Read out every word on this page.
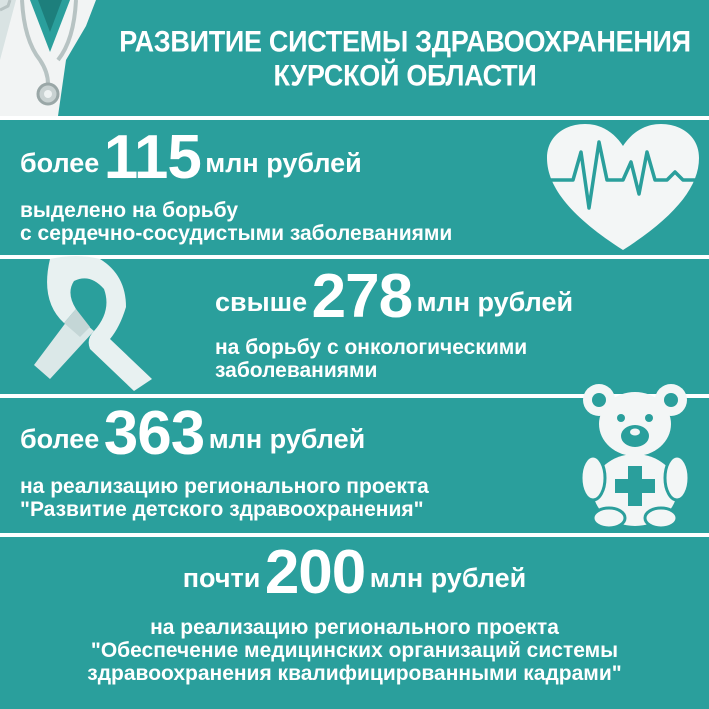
РАЗВИТИЕ СИСТЕМЫ ЗДРАВООХРАНЕНИЯ
КУРСКОЙ ОБЛАСТИ
более 115 млн рублей
выделено на борьбу
с сердечно-сосудистыми заболеваниями
свыше 278 млн рублей
на борьбу с онкологическими
заболеваниями
более 363 млн рублей
на реализацию регионального проекта
"Развитие детского здравоохранения"
почти 200 млн рублей
на реализацию регионального проекта
"Обеспечение медицинских организаций системы
здравоохранения квалифицированными кадрами"
